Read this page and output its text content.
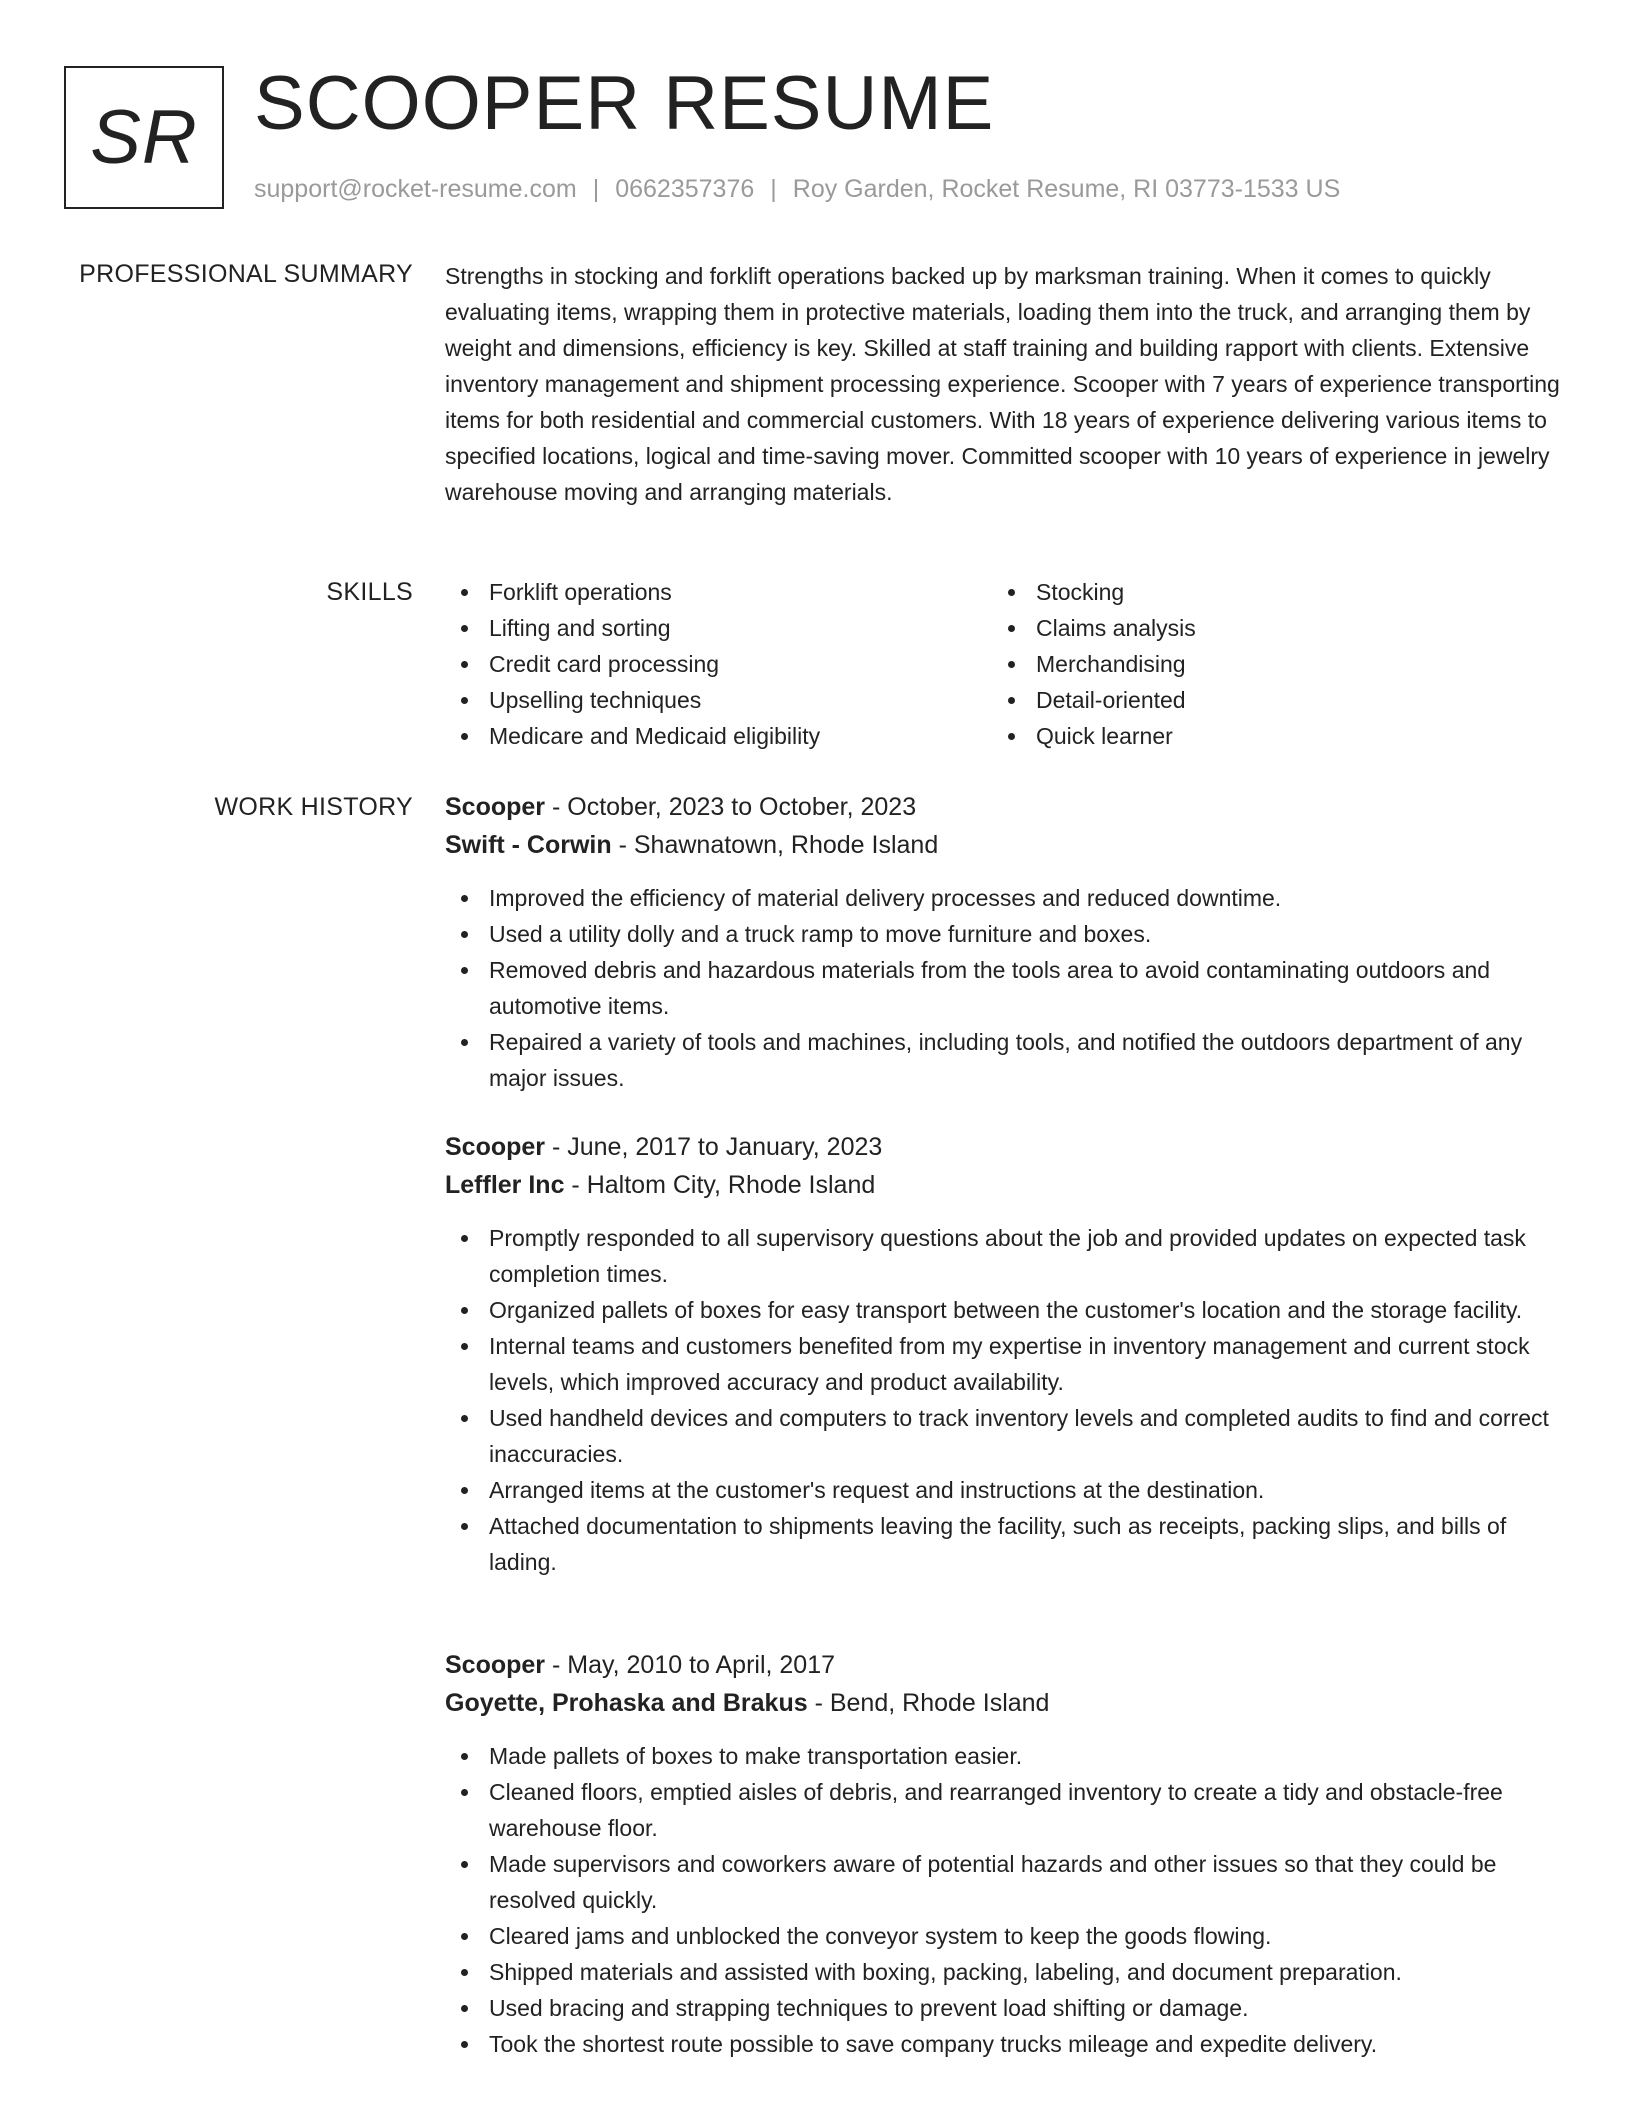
SR SCOOPER RESUME
support@rocket-resume.com | 0662357376 | Roy Garden, Rocket Resume, RI 03773-1533 US
PROFESSIONAL SUMMARY Strengths in stocking and forklift operations backed up by marksman training. When it comes to quickly evaluating items, wrapping them in protective materials, loading them into the truck, and arranging them by weight and dimensions, efficiency is key. Skilled at staff training and building rapport with clients. Extensive inventory management and shipment processing experience. Scooper with 7 years of experience transporting items for both residential and commercial customers. With 18 years of experience delivering various items to specified locations, logical and time-saving mover. Committed scooper with 10 years of experience in jewelry warehouse moving and arranging materials.

SKILLS	Forklift operations
Lifting and sorting
Credit card processing
Upselling techniques
Medicare and Medicaid eligibility
Stocking
Claims analysis
Merchandising
Detail-oriented
Quick learner
WORK HISTORY Scooper - October, 2023 to October, 2023
Swift - Corwin - Shawnatown, Rhode Island
Improved the efficiency of material delivery processes and reduced downtime.
Used a utility dolly and a truck ramp to move furniture and boxes.
Removed debris and hazardous materials from the tools area to avoid contaminating outdoors and automotive items.
Repaired a variety of tools and machines, including tools, and notified the outdoors department of any major issues.
Scooper - June, 2017 to January, 2023
Leffler Inc - Haltom City, Rhode Island
Promptly responded to all supervisory questions about the job and provided updates on expected task completion times.
Organized pallets of boxes for easy transport between the customer's location and the storage facility.
Internal teams and customers benefited from my expertise in inventory management and current stock levels, which improved accuracy and product availability.
Used handheld devices and computers to track inventory levels and completed audits to find and correct inaccuracies.
Arranged items at the customer's request and instructions at the destination.
Attached documentation to shipments leaving the facility, such as receipts, packing slips, and bills of lading.
Scooper - May, 2010 to April, 2017
Goyette, Prohaska and Brakus - Bend, Rhode Island
Made pallets of boxes to make transportation easier.
Cleaned floors, emptied aisles of debris, and rearranged inventory to create a tidy and obstacle-free warehouse floor.
Made supervisors and coworkers aware of potential hazards and other issues so that they could be resolved quickly.
Cleared jams and unblocked the conveyor system to keep the goods flowing.
Shipped materials and assisted with boxing, packing, labeling, and document preparation.
Used bracing and strapping techniques to prevent load shifting or damage.
Took the shortest route possible to save company trucks mileage and expedite delivery.
